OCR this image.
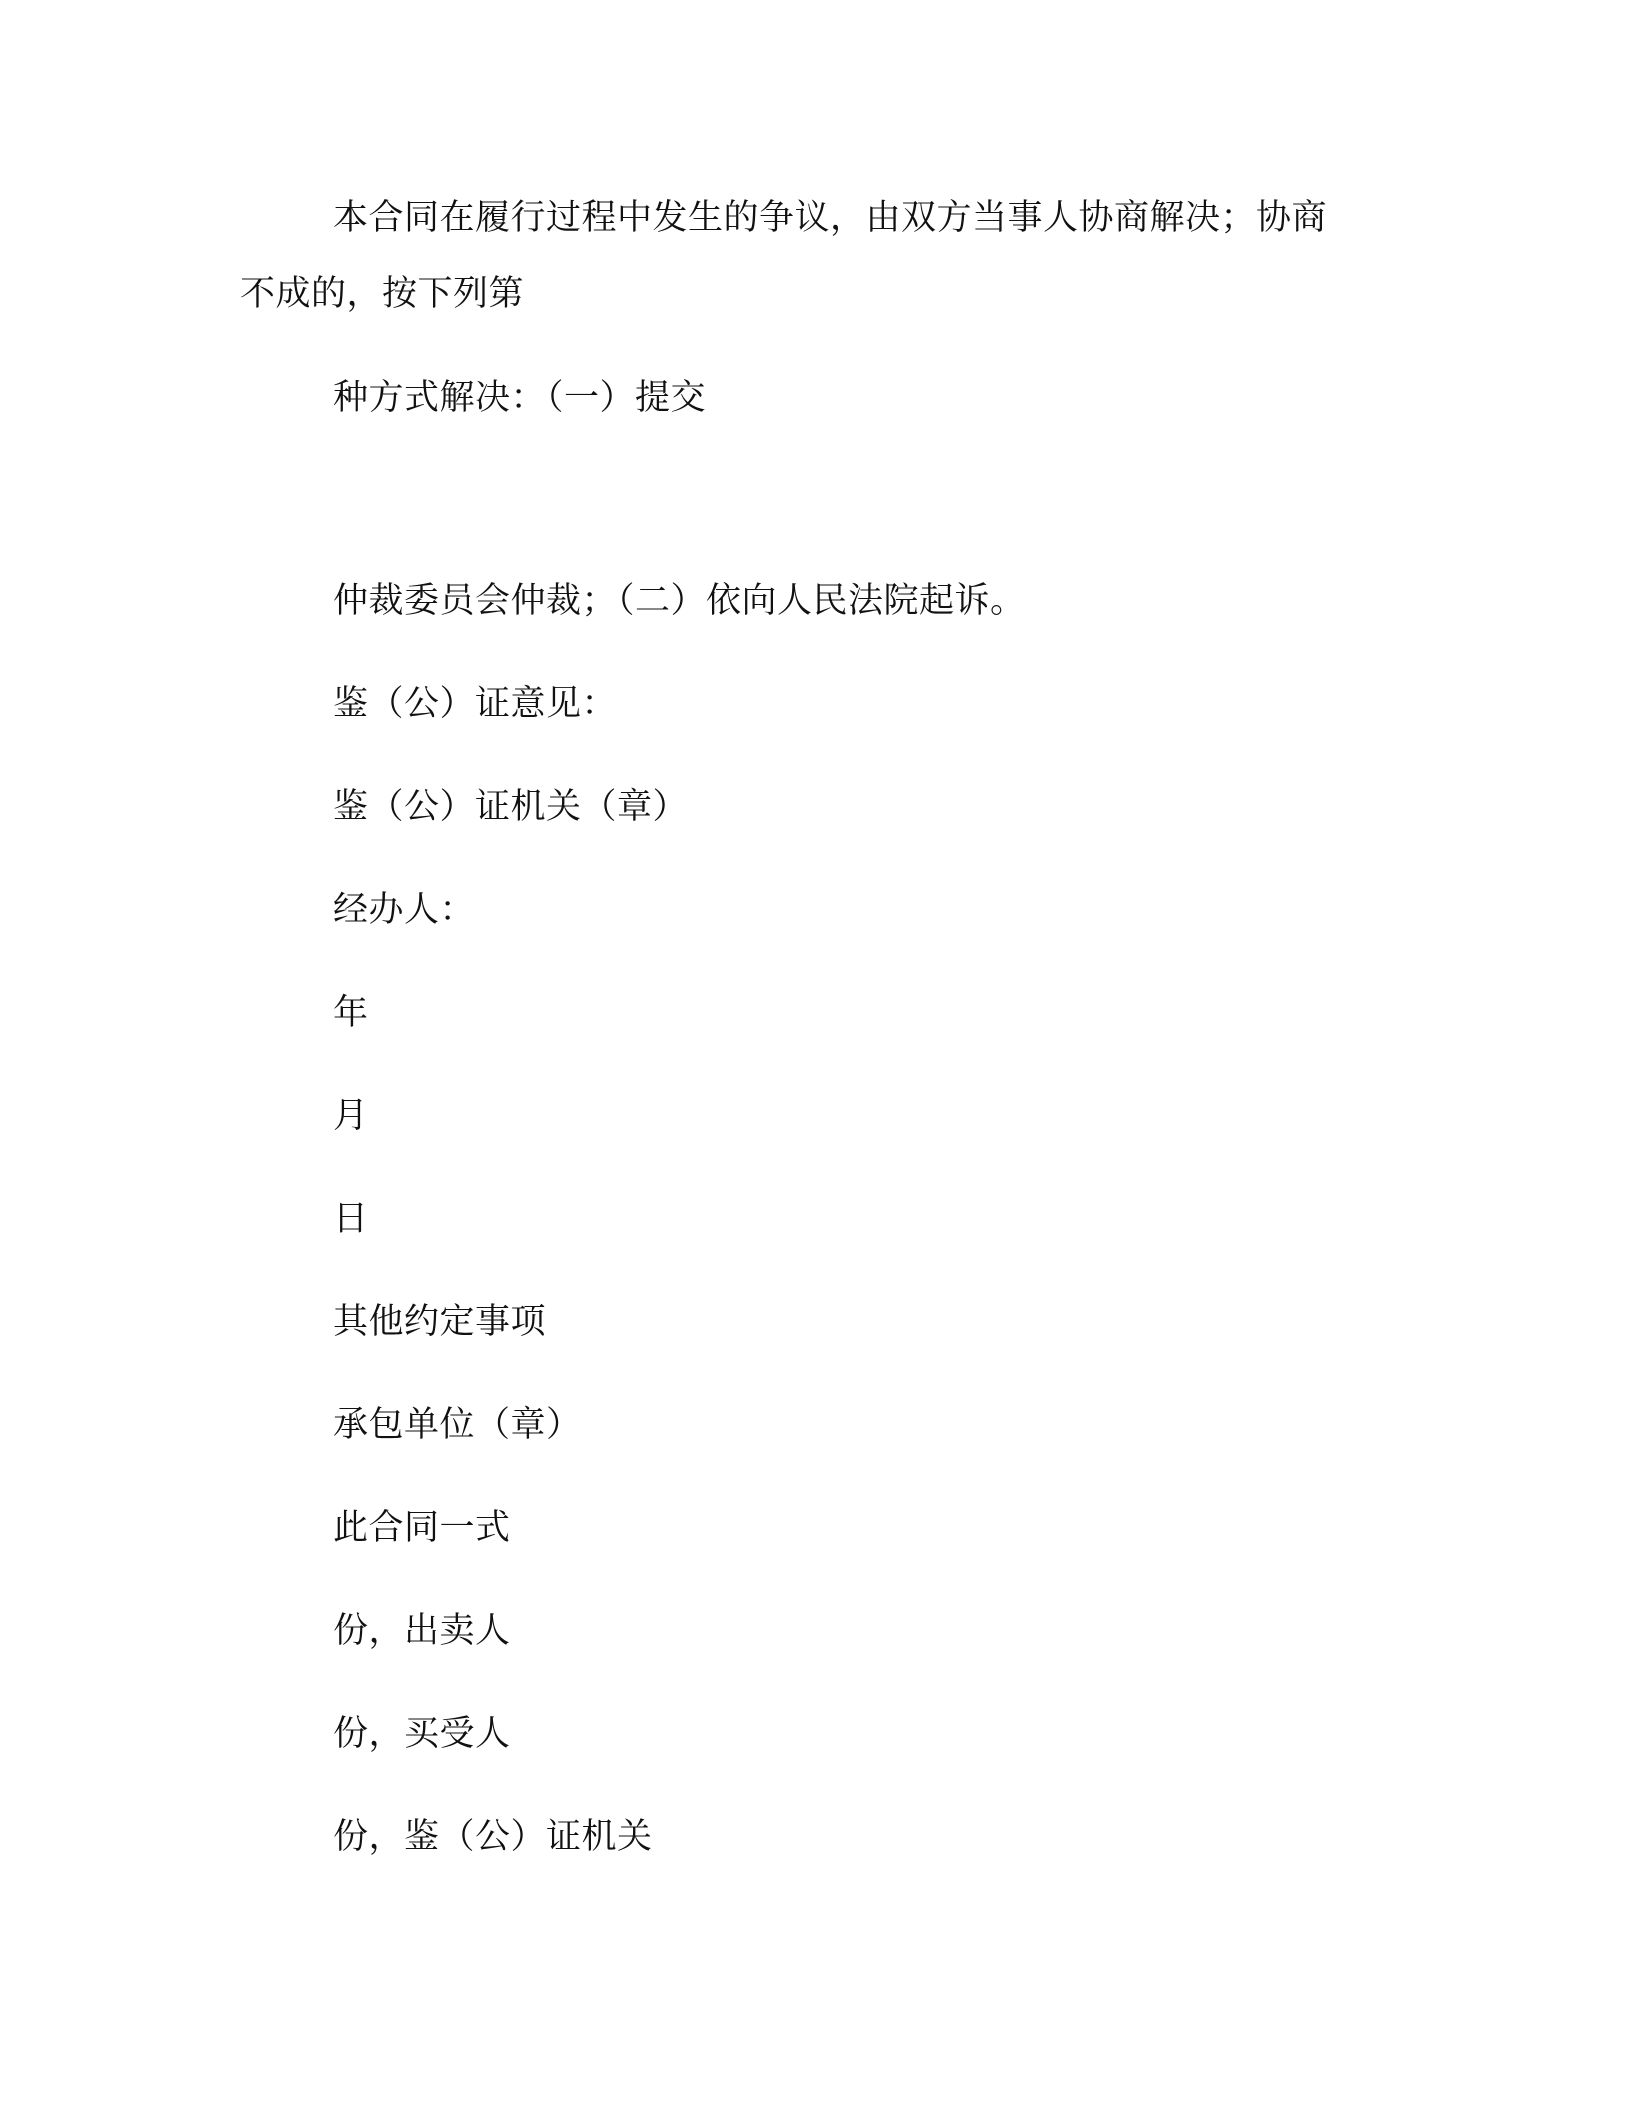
本合同在履行过程中发生的争议，由双方当事人协商解决；协商
不成的，按下列第
种方式解决：（一）提交
仲裁委员会仲裁；（二）依向人民法院起诉。
鉴（公）证意见：
鉴（公）证机关（章）
经办人：
年
月
日
其他约定事项
承包单位（章）
此合同一式
份，出卖人
份，买受人
份，鉴（公）证机关
